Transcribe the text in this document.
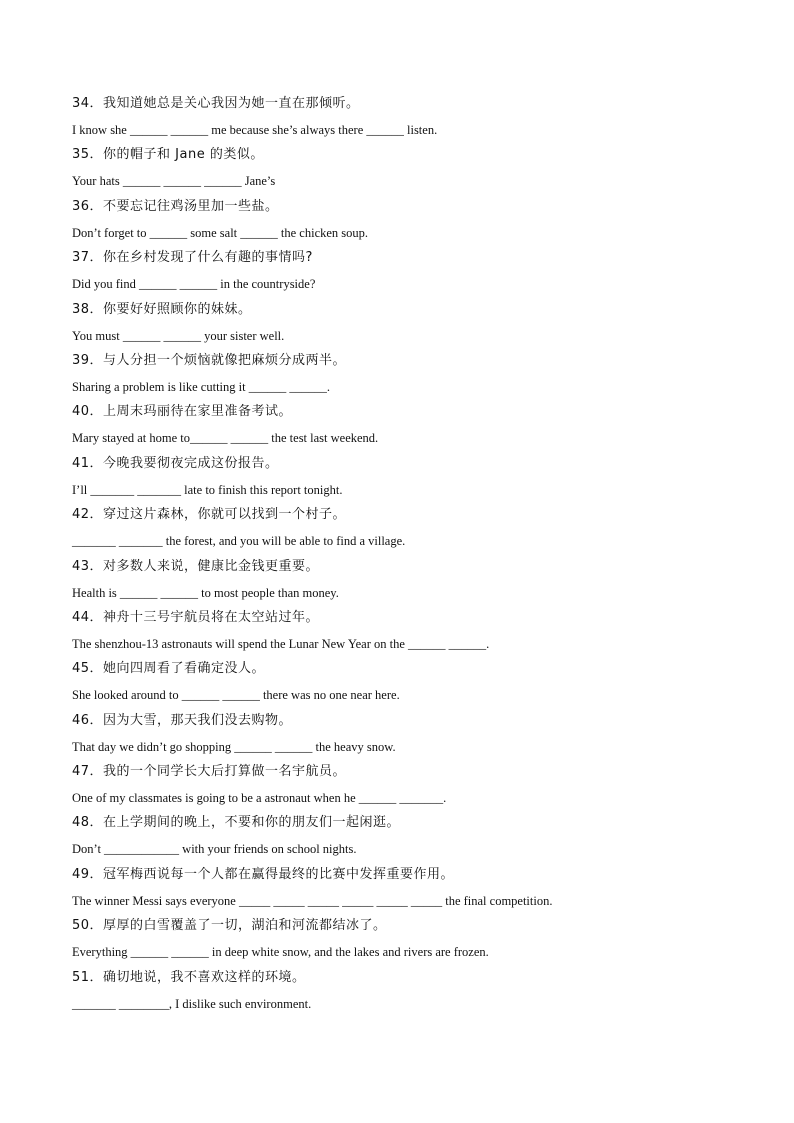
34．我知道她总是关心我因为她一直在那倾听。
I know she ______ ______ me because she’s always there ______ listen.
35．你的帽子和 Jane 的类似。
Your hats ______ ______ ______ Jane’s
36．不要忘记往鸡汤里加一些盐。
Don’t forget to ______ some salt ______ the chicken soup.
37．你在乡村发现了什么有趣的事情吗?
Did you find ______ ______ in the countryside?
38．你要好好照顾你的妹妹。
You must ______ ______ your sister well.
39．与人分担一个烦恼就像把麻烦分成两半。
Sharing a problem is like cutting it ______ ______.
40．上周末玛丽待在家里准备考试。
Mary stayed at home to______ ______ the test last weekend.
41．今晚我要彻夜完成这份报告。
I’ll _______ _______ late to finish this report tonight.
42．穿过这片森林，你就可以找到一个村子。
_______ _______ the forest, and you will be able to find a village.
43．对多数人来说，健康比金钱更重要。
Health is ______ ______ to most people than money.
44．神舟十三号宇航员将在太空站过年。
The shenzhou-13 astronauts will spend the Lunar New Year on the ______ ______.
45．她向四周看了看确定没人。
She looked around to ______ ______ there was no one near here.
46．因为大雪，那天我们没去购物。
That day we didn’t go shopping ______ ______ the heavy snow.
47．我的一个同学长大后打算做一名宇航员。
One of my classmates is going to be a astronaut when he ______ _______.
48．在上学期间的晚上，不要和你的朋友们一起闲逛。
Don’t ____________ with your friends on school nights.
49．冠军梅西说每一个人都在赢得最终的比赛中发挥重要作用。
The winner Messi says everyone _____ _____ _____ _____ _____ _____ the final competition.
50．厚厚的白雪覆盖了一切，湖泊和河流都结冰了。
Everything ______ ______ in deep white snow, and the lakes and rivers are frozen.
51．确切地说，我不喜欢这样的环境。
_______ ________, I dislike such environment.
